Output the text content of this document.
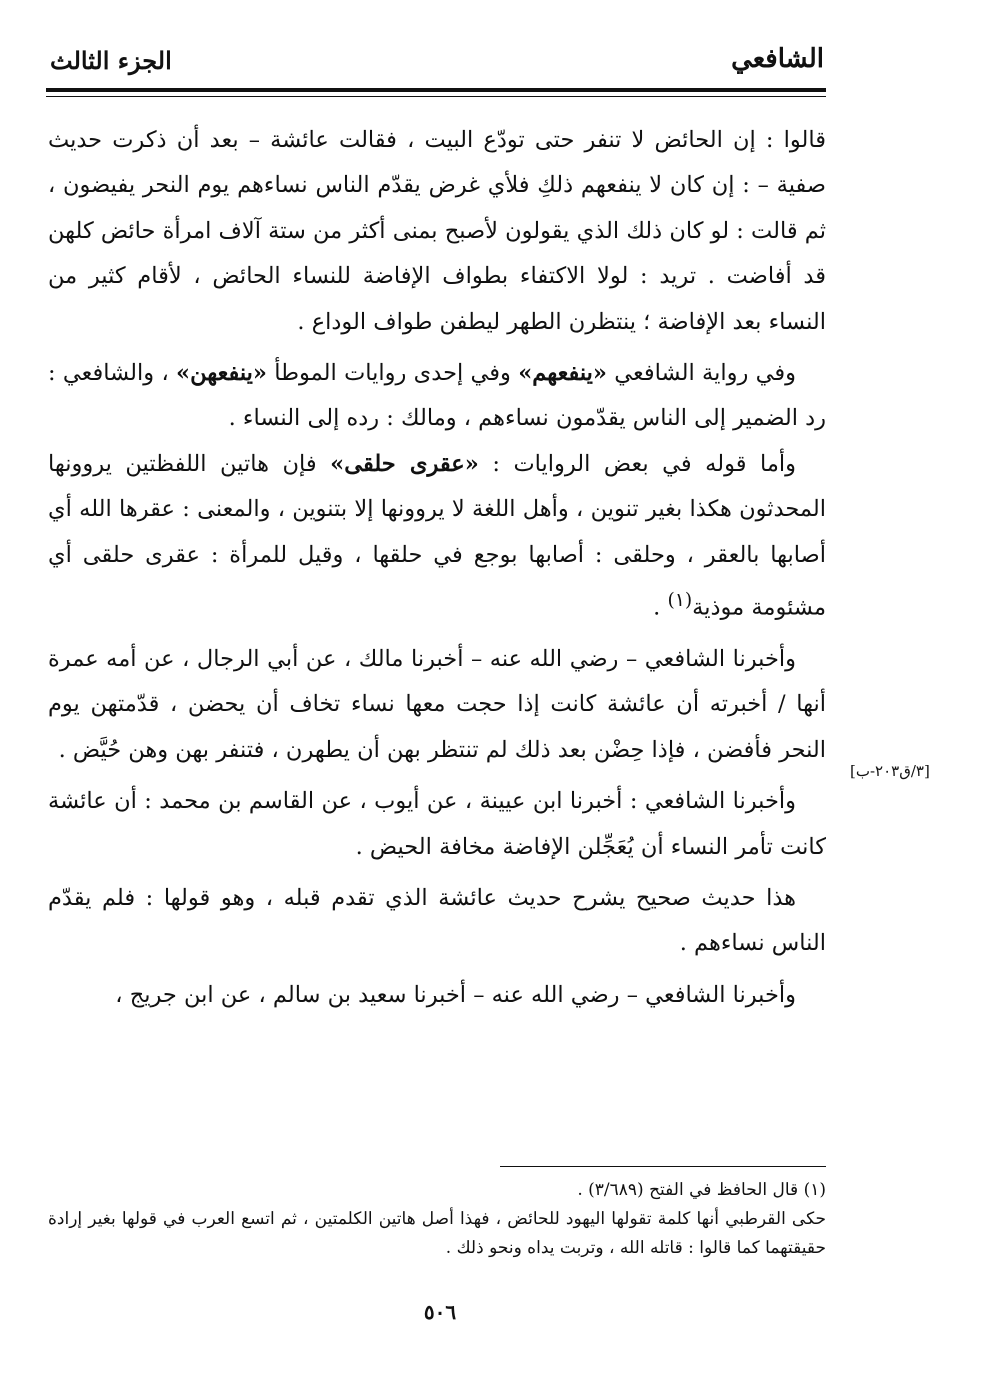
الشافعي
الجزء الثالث

قالوا : إن الحائض لا تنفر حتى تودّع البيت ، فقالت عائشة – بعد أن ذكرت حديث صفية – : إن كان لا ينفعهم ذلكِ فلأي غرض يقدّم الناس نساءهم يوم النحر يفيضون ، ثم قالت : لو كان ذلك الذي يقولون لأصبح بمنى أكثر من ستة آلاف امرأة حائض كلهن قد أفاضت . تريد : لولا الاكتفاء بطواف الإفاضة للنساء الحائض ، لأقام كثير من النساء بعد الإفاضة ؛ ينتظرن الطهر ليطفن طواف الوداع .

وفي رواية الشافعي «ينفعهم» وفي إحدى روايات الموطأ «ينفعهن» ، والشافعي : رد الضمير إلى الناس يقدّمون نساءهم ، ومالك : رده إلى النساء .

وأما قوله في بعض الروايات : «عقرى حلقى» فإن هاتين اللفظتين يروونها المحدثون هكذا بغير تنوين ، وأهل اللغة لا يروونها إلا بتنوين ، والمعنى : عقرها الله أي أصابها بالعقر ، وحلقى : أصابها بوجع في حلقها ، وقيل للمرأة : عقرى حلقى أي مشئومة موذية$^{(١)}$ .

وأخبرنا الشافعي – رضي الله عنه – أخبرنا مالك ، عن أبي الرجال ، عن أمه عمرة أنها / أخبرته أن عائشة كانت إذا حجت معها نساء تخاف أن يحضن ، قدّمتهن يوم النحر فأفضن ، فإذا حِضْن بعد ذلك لم تنتظر بهن أن يطهرن ، فتنفر بهن وهن حُيَّض .

وأخبرنا الشافعي : أخبرنا ابن عيينة ، عن أيوب ، عن القاسم بن محمد : أن عائشة كانت تأمر النساء أن يُعَجِّلن الإفاضة مخافة الحيض .

هذا حديث صحيح يشرح حديث عائشة الذي تقدم قبله ، وهو قولها : فلم يقدّم الناس نساءهم .

وأخبرنا الشافعي – رضي الله عنه – أخبرنا سعيد بن سالم ، عن ابن جريج ،

[٣/ق٢٠٣-ب]

(١) قال الحافظ في الفتح (٣/٦٨٩) .

حكى القرطبي أنها كلمة تقولها اليهود للحائض ، فهذا أصل هاتين الكلمتين ، ثم اتسع العرب في قولها بغير إرادة حقيقتهما كما قالوا : قاتله الله ، وتربت يداه ونحو ذلك .

٥٠٦
